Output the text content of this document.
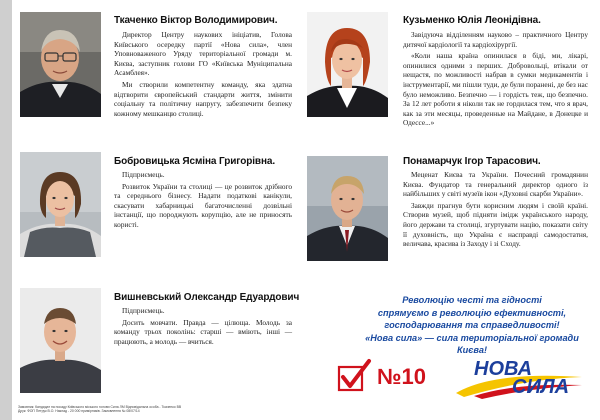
Ткаченко Віктор Володимирович.

Директор Центру наукових ініціатив, Голова Київського осередку партії «Нова сила», член Уповноваженого Уряду територіальної громади м. Києва, заступник голови ГО «Київська Муніципальна Асамблея».

Ми створили компетентну команду, яка здатна відтворити європейський стандарти життя, змінити соціальну та політичну напругу, забезпечити безпеку кожному мешканцю столиці.

Кузьменко Юлія Леонідівна.

Завідуюча відділенням науково – практичного Центру дитячої кардіології та кардіохірургії.

«Коли наша країна опинилася в біді, ми, лікарі, опинилися одними з перших. Добровольці, втікали от нещастя, по можливості набрав в сумки медикаментів і інструментарії, ми пішли туди, де були поранені, де без нас було неможливо. Безпечно — і гордість теж, що безпечно. За 12 лет роботи я ніколи так не гордилася тем, что я врач, как за эти месяцы, проведенные на Майдане, в Донецке и Одессе...»

Бобровицька Ясміна Григорівна.

Підприємець.

Розвиток України та столиці — це розвиток дрібного та середнього бізнесу. Надати податкові канікули, скасувати хабарницькі багаточисленні дозвільні інстанції, що породжують корупцію, але не приносять користі.

Понамарчук Ігор Тарасович.

Меценат Києва та України. Почесний громадянин Києва. Фундатор та генеральний директор одного із найбільших у світі музеїв ікон «Духовні скарби України».

Завжди прагнув бути корисним людям і своїй країні. Створив музей, щоб підняти імідж українського народу, його держави та столиці, згуртувати націю, показати світу її духовність, що Україна є насправді самодостатня, величава, красива із Заходу і зі Сходу.

Вишневський Олександр Едуардович

Підприємець.

Досить мовчати. Правда — цілюща. Молодь за команду трьох поколінь: старші — вміють, інші — працюють, а молодь — вчиться.

Революцію честі та гідності
спрямуємо в революцію ефективності,
господарювання та справедливості!
«Нова сила» — сила територіальної громади Києва!
№10 НОВА
СИЛА
Замовник: Кандидат на посаду Київського міського голови Сила ЛМ Відповідальна особа - Ткаченко ВВ
Друк: ФОП Петрук В.О. Наклад - 20 000 примірників. Замовлення № 08/07/14
